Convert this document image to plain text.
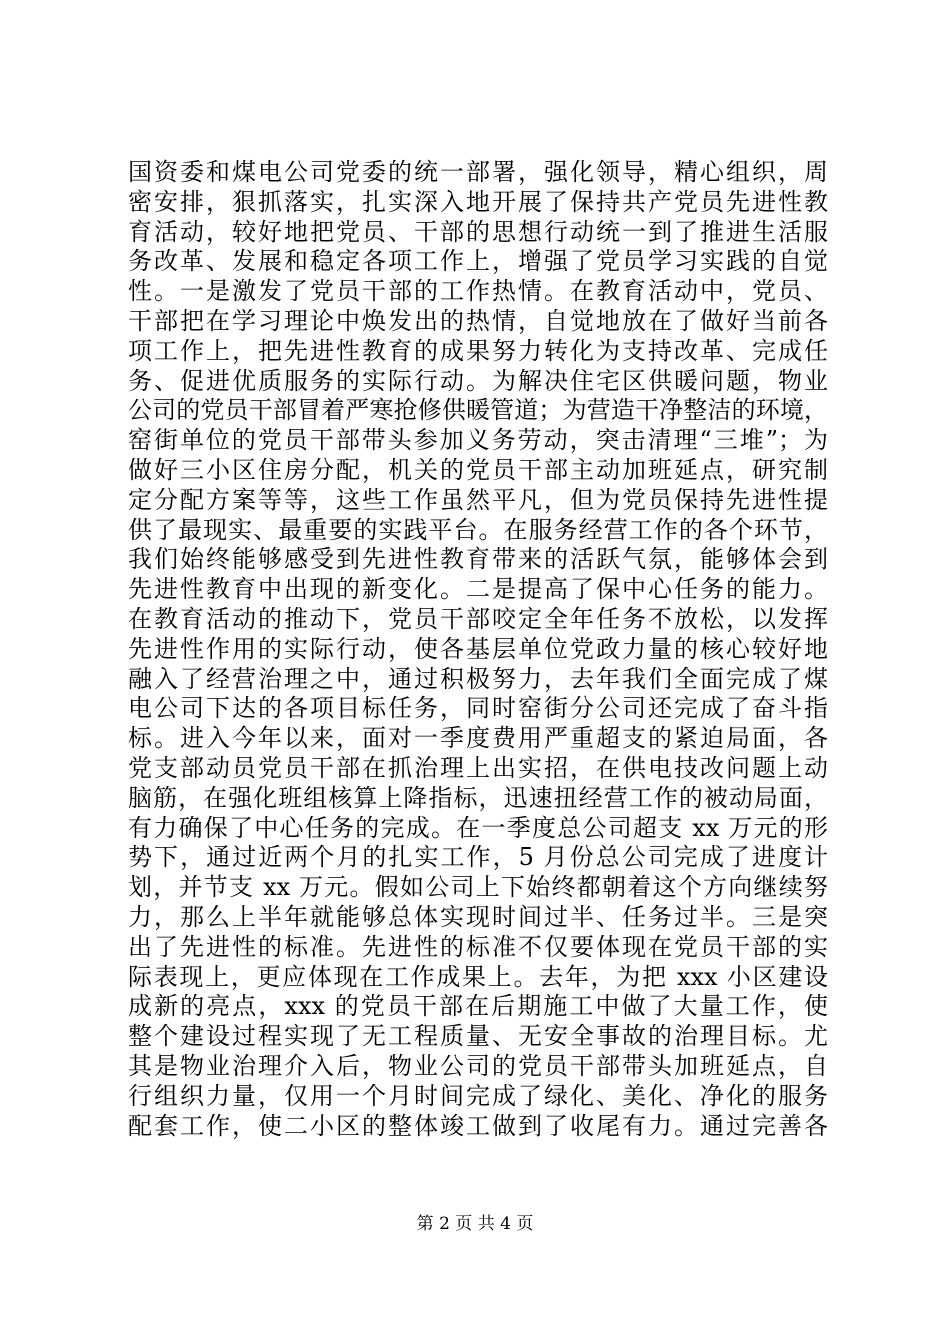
国资委和煤电公司党委的统一部署，强化领导，精心组织，周
密安排，狠抓落实，扎实深入地开展了保持共产党员先进性教
育活动，较好地把党员、干部的思想行动统一到了推进生活服
务改革、发展和稳定各项工作上，增强了党员学习实践的自觉
性。一是激发了党员干部的工作热情。在教育活动中，党员、
干部把在学习理论中焕发出的热情，自觉地放在了做好当前各
项工作上，把先进性教育的成果努力转化为支持改革、完成任
务、促进优质服务的实际行动。为解决住宅区供暖问题，物业
公司的党员干部冒着严寒抢修供暖管道；为营造干净整洁的环境，
窑街单位的党员干部带头参加义务劳动，突击清理“三堆”；为
做好三小区住房分配，机关的党员干部主动加班延点，研究制
定分配方案等等，这些工作虽然平凡，但为党员保持先进性提
供了最现实、最重要的实践平台。在服务经营工作的各个环节，
我们始终能够感受到先进性教育带来的活跃气氛，能够体会到
先进性教育中出现的新变化。二是提高了保中心任务的能力。
在教育活动的推动下，党员干部咬定全年任务不放松，以发挥
先进性作用的实际行动，使各基层单位党政力量的核心较好地
融入了经营治理之中，通过积极努力，去年我们全面完成了煤
电公司下达的各项目标任务，同时窑街分公司还完成了奋斗指
标。进入今年以来，面对一季度费用严重超支的紧迫局面，各
党支部动员党员干部在抓治理上出实招，在供电技改问题上动
脑筋，在强化班组核算上降指标，迅速扭经营工作的被动局面，
有力确保了中心任务的完成。在一季度总公司超支 xx 万元的形
势下，通过近两个月的扎实工作，5 月份总公司完成了进度计
划，并节支 xx 万元。假如公司上下始终都朝着这个方向继续努
力，那么上半年就能够总体实现时间过半、任务过半。三是突
出了先进性的标准。先进性的标准不仅要体现在党员干部的实
际表现上，更应体现在工作成果上。去年，为把 xxx 小区建设
成新的亮点，xxx 的党员干部在后期施工中做了大量工作，使
整个建设过程实现了无工程质量、无安全事故的治理目标。尤
其是物业治理介入后，物业公司的党员干部带头加班延点，自
行组织力量，仅用一个月时间完成了绿化、美化、净化的服务
配套工作，使二小区的整体竣工做到了收尾有力。通过完善各
第 2 页 共 4 页
